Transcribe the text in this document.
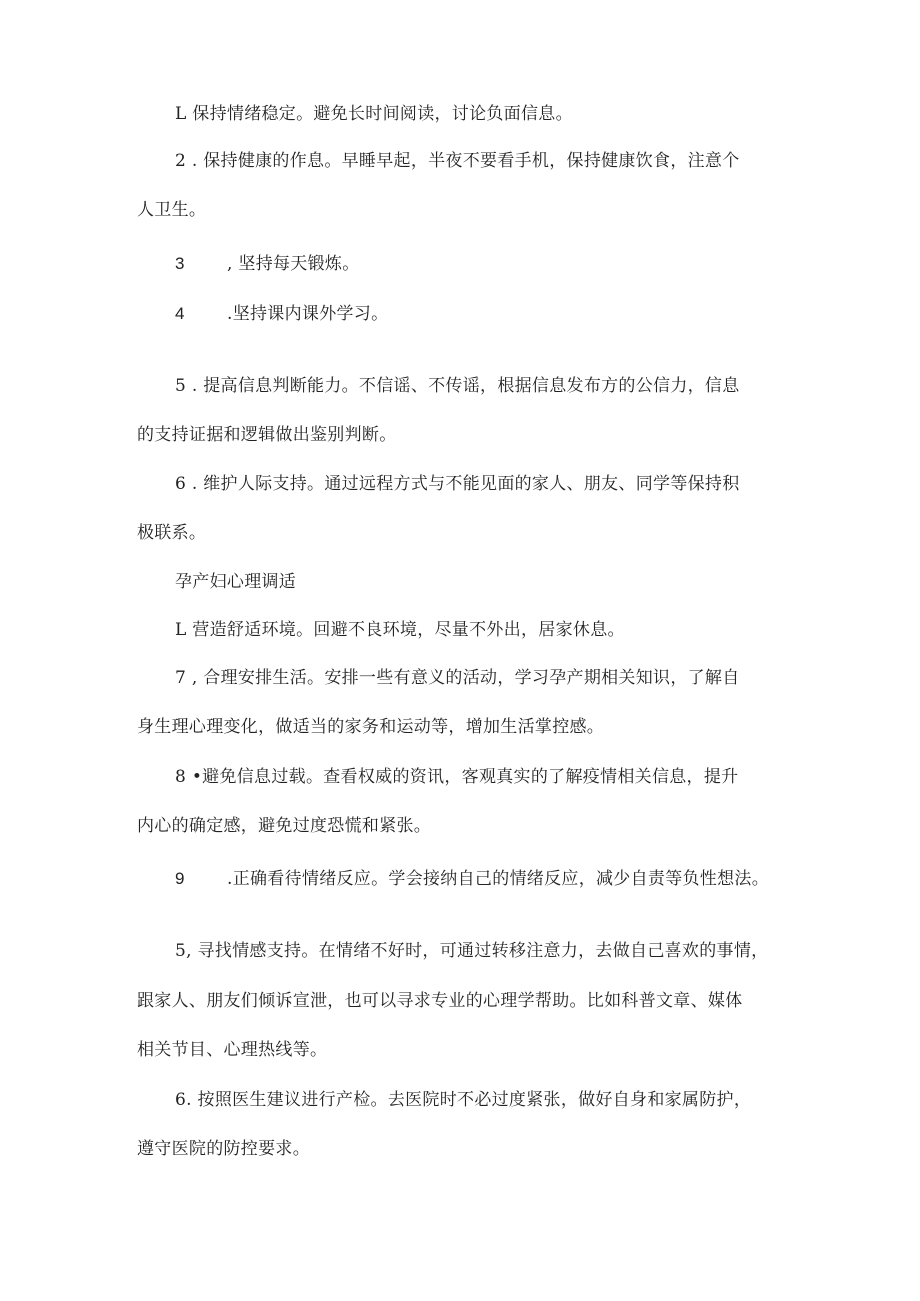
L 保持情绪稳定。避免长时间阅读，讨论负面信息。
2 . 保持健康的作息。早睡早起，半夜不要看手机，保持健康饮食，注意个
人卫生。
3 , 坚持每天锻炼。
4 .坚持课内课外学习。
5 . 提高信息判断能力。不信谣、不传谣，根据信息发布方的公信力，信息
的支持证据和逻辑做出鉴别判断。
6 . 维护人际支持。通过远程方式与不能见面的家人、朋友、同学等保持积
极联系。
孕产妇心理调适
L 营造舒适环境。回避不良环境，尽量不外出，居家休息。
7 , 合理安排生活。安排一些有意义的活动，学习孕产期相关知识，了解自
身生理心理变化，做适当的家务和运动等，增加生活掌控感。
8 •避免信息过载。查看权威的资讯，客观真实的了解疫情相关信息，提升
内心的确定感，避免过度恐慌和紧张。
9 .正确看待情绪反应。学会接纳自己的情绪反应，减少自责等负性想法。
5, 寻找情感支持。在情绪不好时，可通过转移注意力，去做自己喜欢的事情，
跟家人、朋友们倾诉宣泄，也可以寻求专业的心理学帮助。比如科普文章、媒体
相关节目、心理热线等。
6. 按照医生建议进行产检。去医院时不必过度紧张，做好自身和家属防护，
遵守医院的防控要求。
